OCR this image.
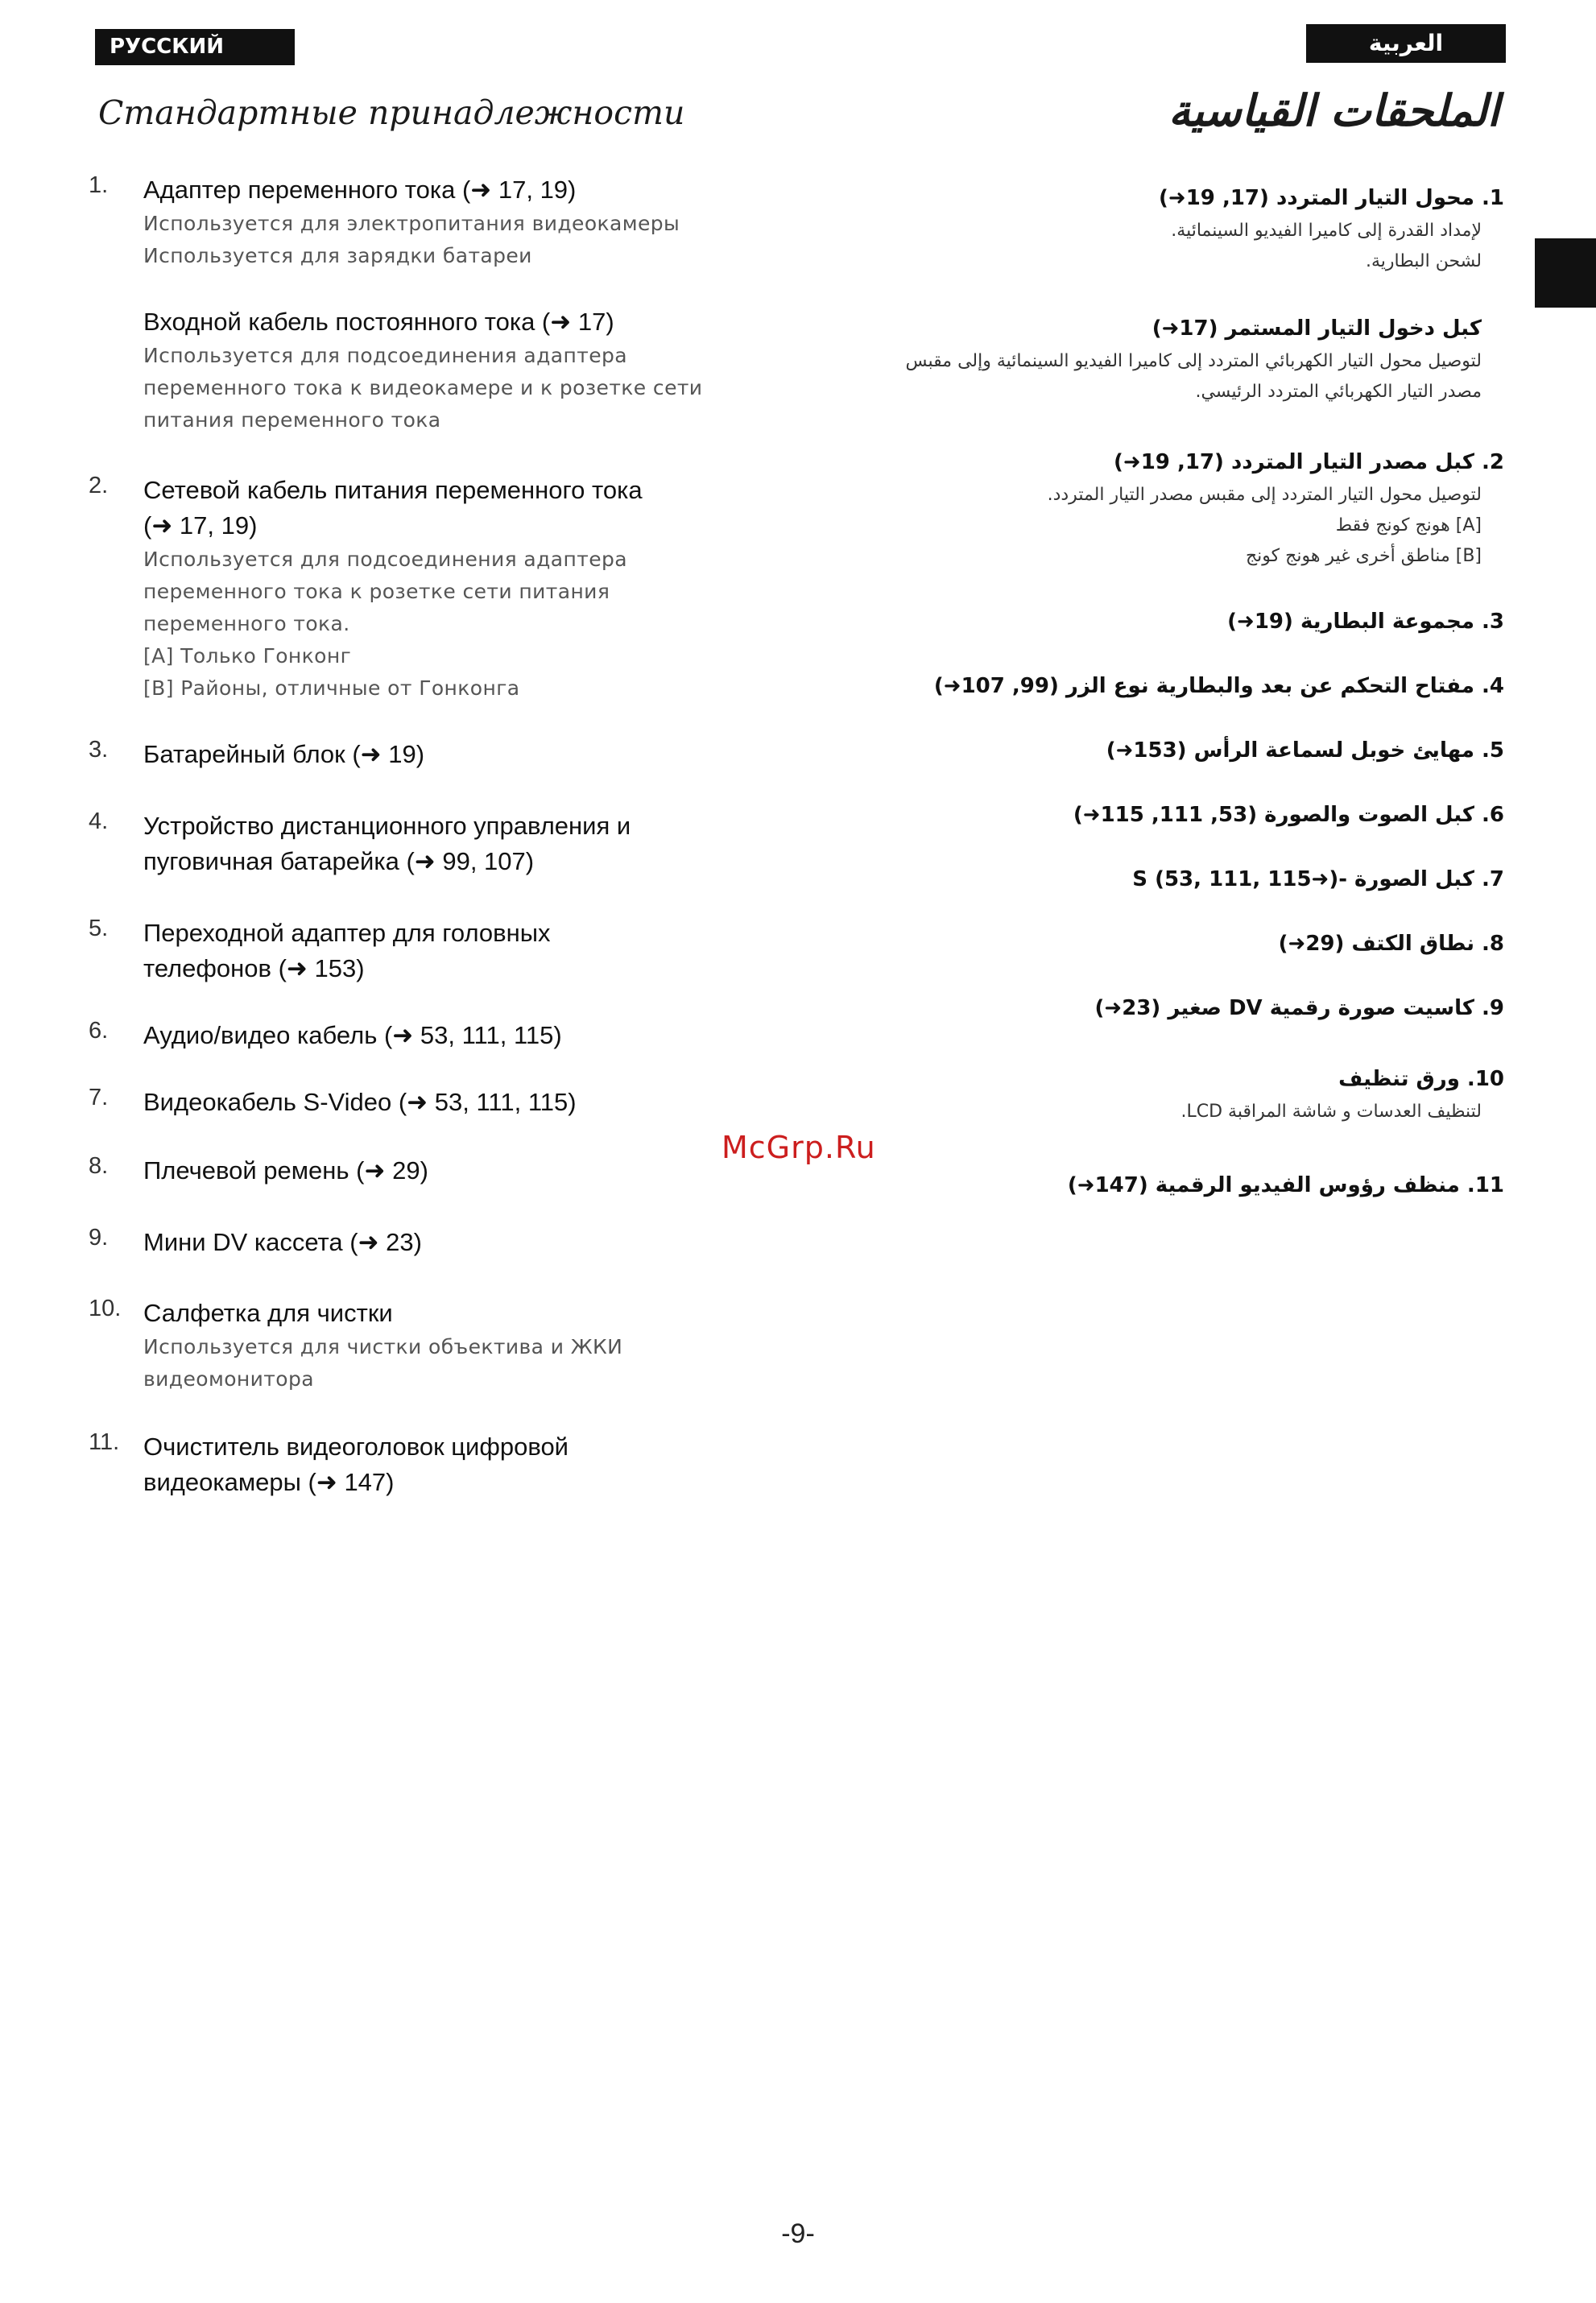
РУССКИЙ ЯЗЫК
العربية
Стандартные принадлежности	الملحقات القياسية
1.	Адаптер переменного тока (➜ 17, 19)
Используется для электропитания видеокамеры
Используется для зарядки батареи
Входной кабель постоянного тока (➜ 17)
Используется для подсоединения адаптера
переменного тока к видеокамере и к розетке сети
питания переменного тока
2.	Сетевой кабель питания переменного тока
(➜ 17, 19)
Используется для подсоединения адаптера
переменного тока к розетке сети питания
переменного тока.
[A] Только Гонконг
[B] Районы, отличные от Гонконга
3.	Батарейный блок (➜ 19)
4.	Устройство дистанционного управления и
пуговичная батарейка (➜ 99, 107)
5.	Переходной адаптер для головных
телефонов (➜ 153)
6.	Аудио/видео кабель (➜ 53, 111, 115)
7.	Видеокабель S-Video (➜ 53, 111, 115)
8.	Плечевой ремень (➜ 29)
9.	Мини DV кассета (➜ 23)
10. Салфетка для чистки
Используется для чистки объектива и ЖКИ
видеомонитора
11. Очиститель видеоголовок цифровой
видеокамеры (➜ 147)
1. محول التيار المتردد (17, 19➜)
لإمداد القدرة إلى كاميرا الفيديو السينمائية.
لشحن البطارية.
كبل دخول التيار المستمر (17➜)
لتوصيل محول التيار الكهربائي المتردد إلى كاميرا الفيديو السينمائية وإلى مقبس
مصدر التيار الكهربائي المتردد الرئيسي.
2. كبل مصدر التيار المتردد (17, 19➜)
لتوصيل محول التيار المتردد إلى مقبس مصدر التيار المتردد.
[A] هونج كونج فقط
[B] مناطق أخرى غير هونج كونج
3. مجموعة البطارية (19➜)
4. مفتاح التحكم عن بعد والبطارية نوع الزر (99, 107➜)
5. مهايئ خوبل لسماعة الرأس (153➜)
6. كبل الصوت والصورة (53, 111, 115➜)
7. كبل الصورة -S (53, 111, 115➜)
8. نطاق الكتف (29➜)
9. كاسيت صورة رقمية DV صغير (23➜)
10. ورق تنظيف
لتنظيف العدسات و شاشة المراقبة LCD.
11. منظف رؤوس الفيديو الرقمية (147➜)
McGrp.Ru
-9-
